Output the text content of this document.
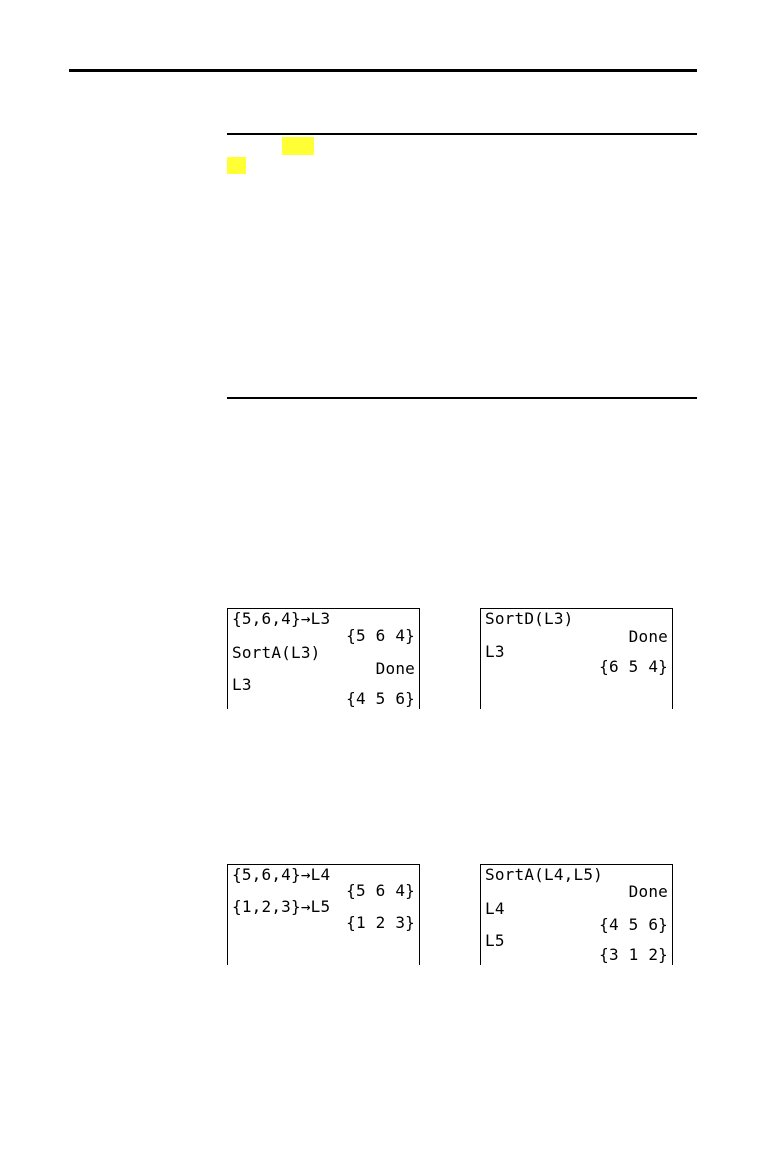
{5,6,4}→L3
{5 6 4}
SortA(L3)
Done
L3
{4 5 6}
SortD(L3)
Done
L3
{6 5 4}
{5,6,4}→L4
{5 6 4}
{1,2,3}→L5
{1 2 3}
SortA(L4,L5)
Done
L4
{4 5 6}
L5
{3 1 2}
